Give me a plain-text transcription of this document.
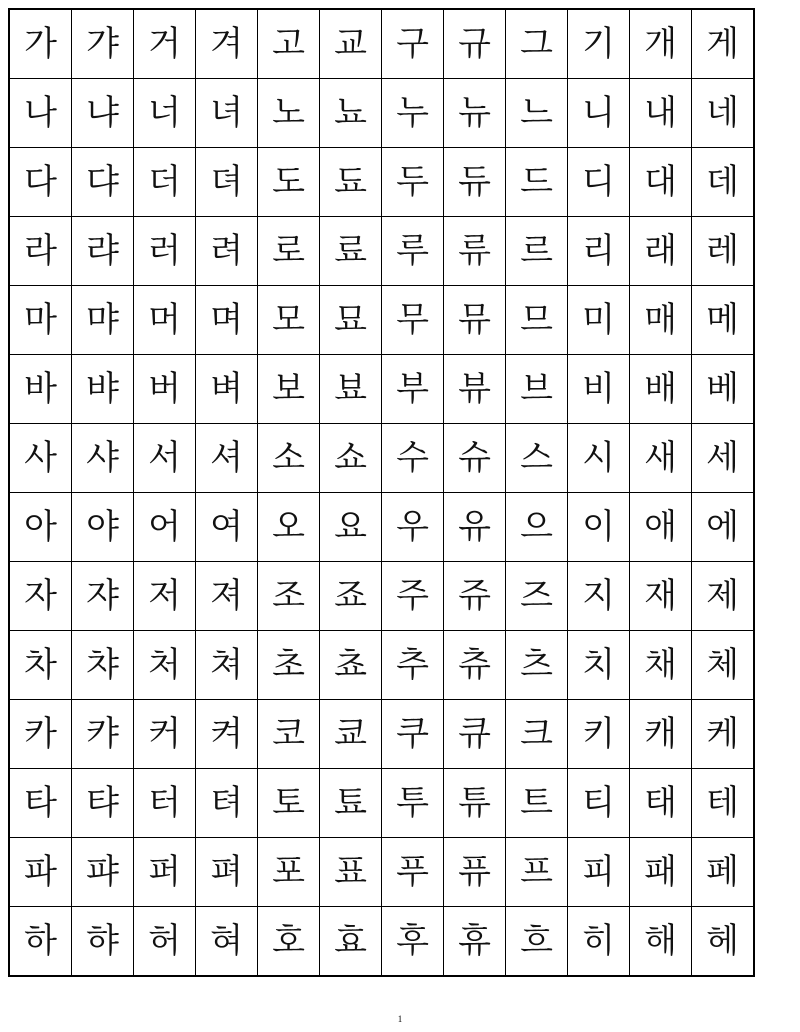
가	갸	거	겨	고	교	구	규	그	기	개	게
나	냐	너	녀	노	뇨	누	뉴	느	니	내	네
다	댜	더	뎌	도	됴	두	듀	드	디	대	데
라	랴	러	려	로	료	루	류	르	리	래	레
마	먀	머	며	모	묘	무	뮤	므	미	매	메
바	뱌	버	벼	보	뵤	부	뷰	브	비	배	베
사	샤	서	셔	소	쇼	수	슈	스	시	새	세
아	야	어	여	오	요	우	유	으	이	애	에
자	쟈	저	져	조	죠	주	쥬	즈	지	재	제
차	챠	처	쳐	초	쵸	추	츄	츠	치	채	체
카	캬	커	켜	코	쿄	쿠	큐	크	키	캐	케
타	탸	터	텨	토	툐	투	튜	트	티	태	테
파	퍄	퍼	펴	포	표	푸	퓨	프	피	패	페
하	햐	허	혀	호	효	후	휴	흐	히	해	헤
1
